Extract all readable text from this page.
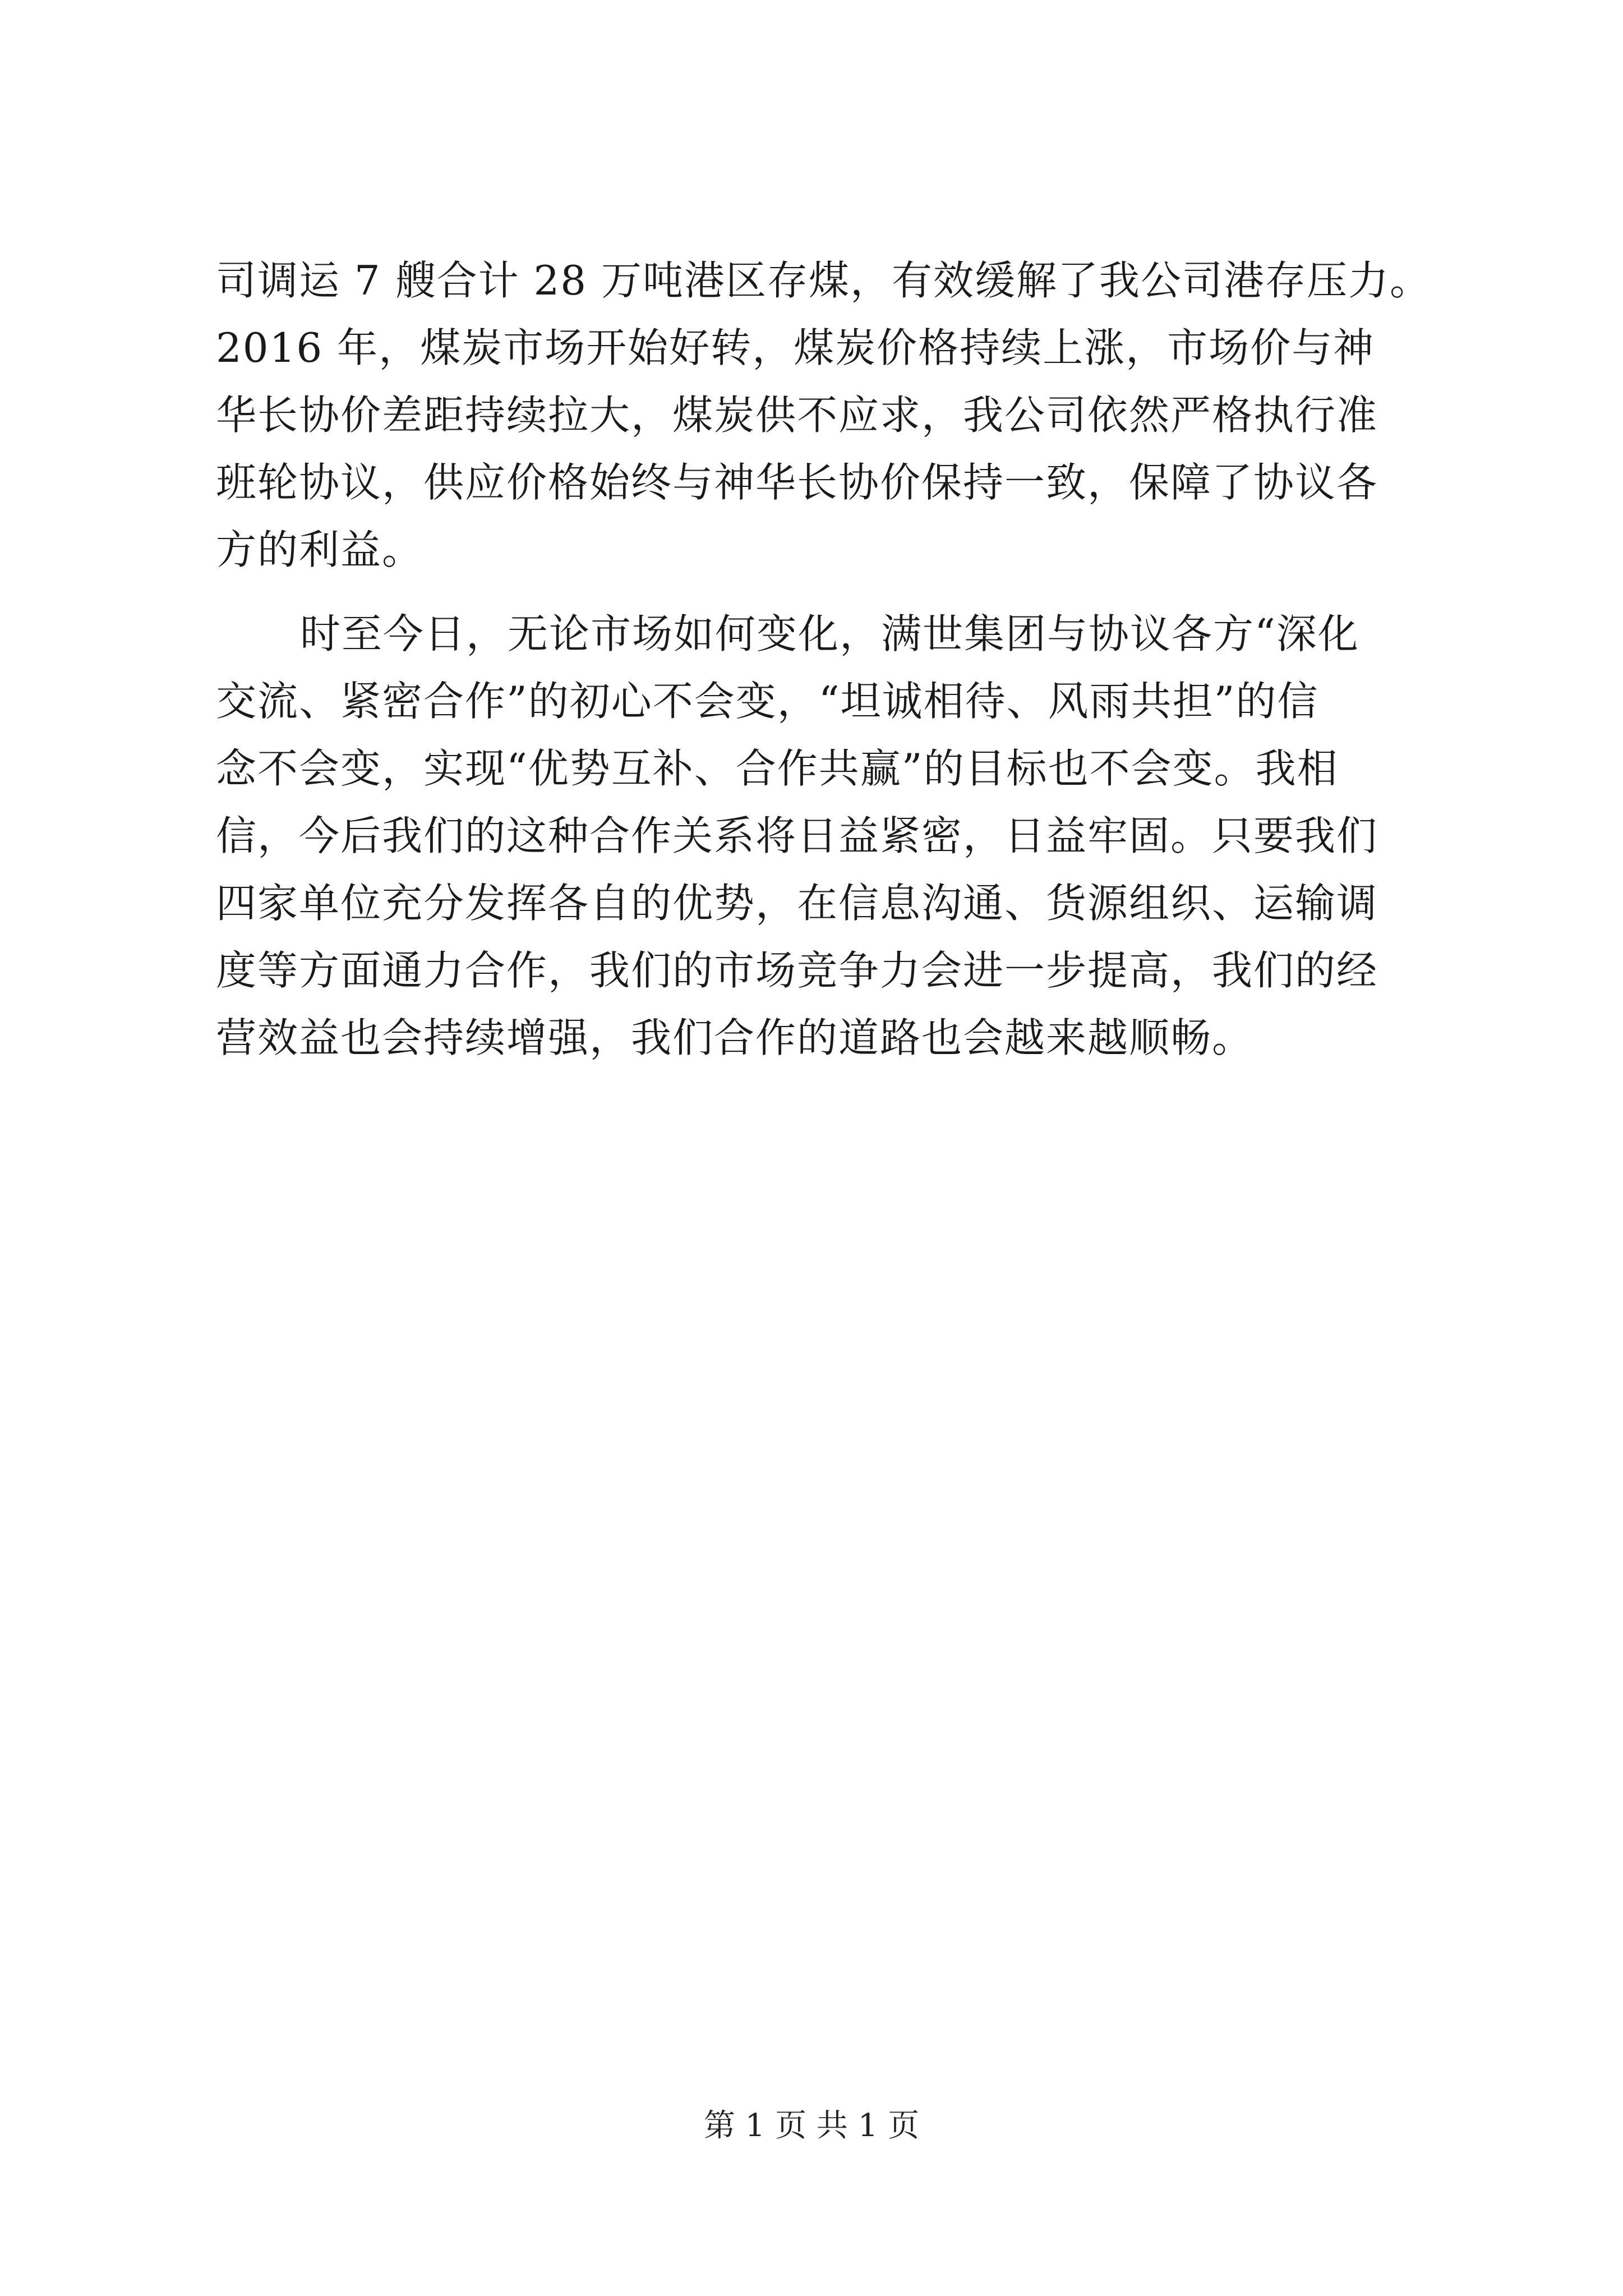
司调运 7 艘合计 28 万吨港区存煤，有效缓解了我公司港存压力。
2016 年，煤炭市场开始好转，煤炭价格持续上涨，市场价与神
华长协价差距持续拉大，煤炭供不应求，我公司依然严格执行准
班轮协议，供应价格始终与神华长协价保持一致，保障了协议各
方的利益。
时至今日，无论市场如何变化，满世集团与协议各方“深化
交流、紧密合作”的初心不会变，“坦诚相待、风雨共担”的信
念不会变，实现“优势互补、合作共赢”的目标也不会变。我相
信，今后我们的这种合作关系将日益紧密，日益牢固。只要我们
四家单位充分发挥各自的优势，在信息沟通、货源组织、运输调
度等方面通力合作，我们的市场竞争力会进一步提高，我们的经
营效益也会持续增强，我们合作的道路也会越来越顺畅。
第 1 页 共 1 页
